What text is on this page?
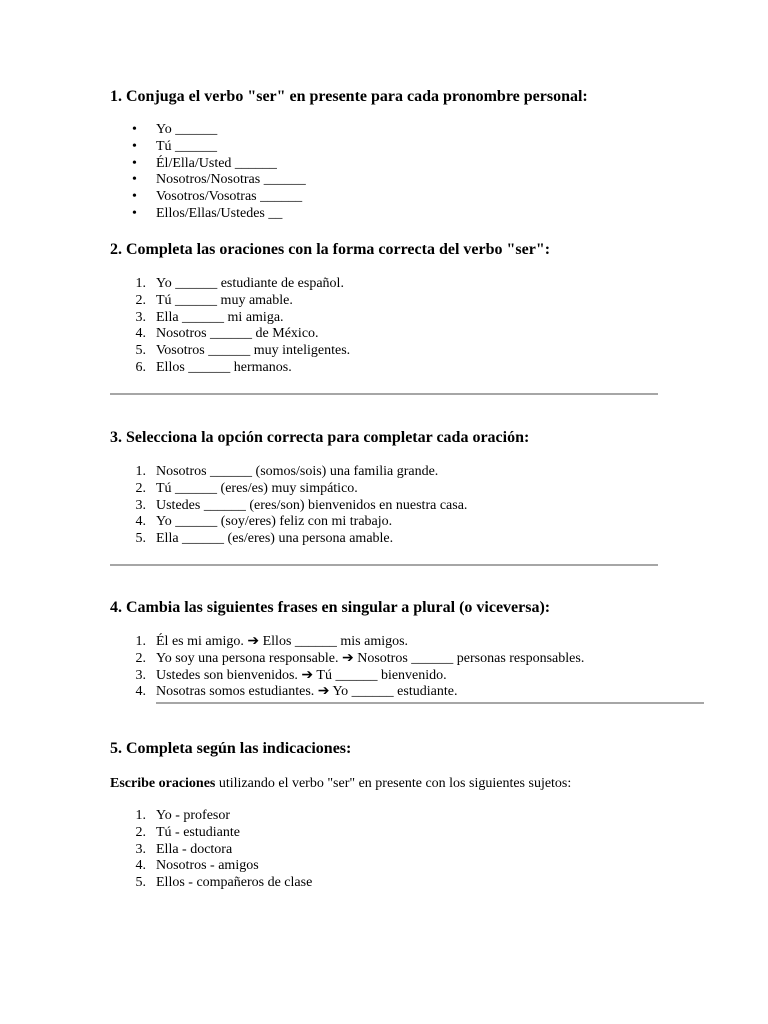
1. Conjuga el verbo "ser" en presente para cada pronombre personal:
• Yo ______
• Tú ______
• Él/Ella/Usted ______
• Nosotros/Nosotras ______
• Vosotros/Vosotras ______
• Ellos/Ellas/Ustedes __
2. Completa las oraciones con la forma correcta del verbo "ser":
Yo ______ estudiante de español.
Tú ______ muy amable.
Ella ______ mi amiga.
Nosotros ______ de México.
Vosotros ______ muy inteligentes.
Ellos ______ hermanos.
3. Selecciona la opción correcta para completar cada oración:
Nosotros ______ (somos/sois) una familia grande.
Tú ______ (eres/es) muy simpático.
Ustedes ______ (eres/son) bienvenidos en nuestra casa.
Yo ______ (soy/eres) feliz con mi trabajo.
Ella ______ (es/eres) una persona amable.
4. Cambia las siguientes frases en singular a plural (o viceversa):
Él es mi amigo. ➔ Ellos ______ mis amigos.
Yo soy una persona responsable. ➔ Nosotros ______ personas responsables.
Ustedes son bienvenidos. ➔ Tú ______ bienvenido.
Nosotras somos estudiantes. ➔ Yo ______ estudiante.
5. Completa según las indicaciones:

Escribe oraciones utilizando el verbo "ser" en presente con los siguientes sujetos:

Yo - profesor
Tú - estudiante
Ella - doctora
Nosotros - amigos
Ellos - compañeros de clase
